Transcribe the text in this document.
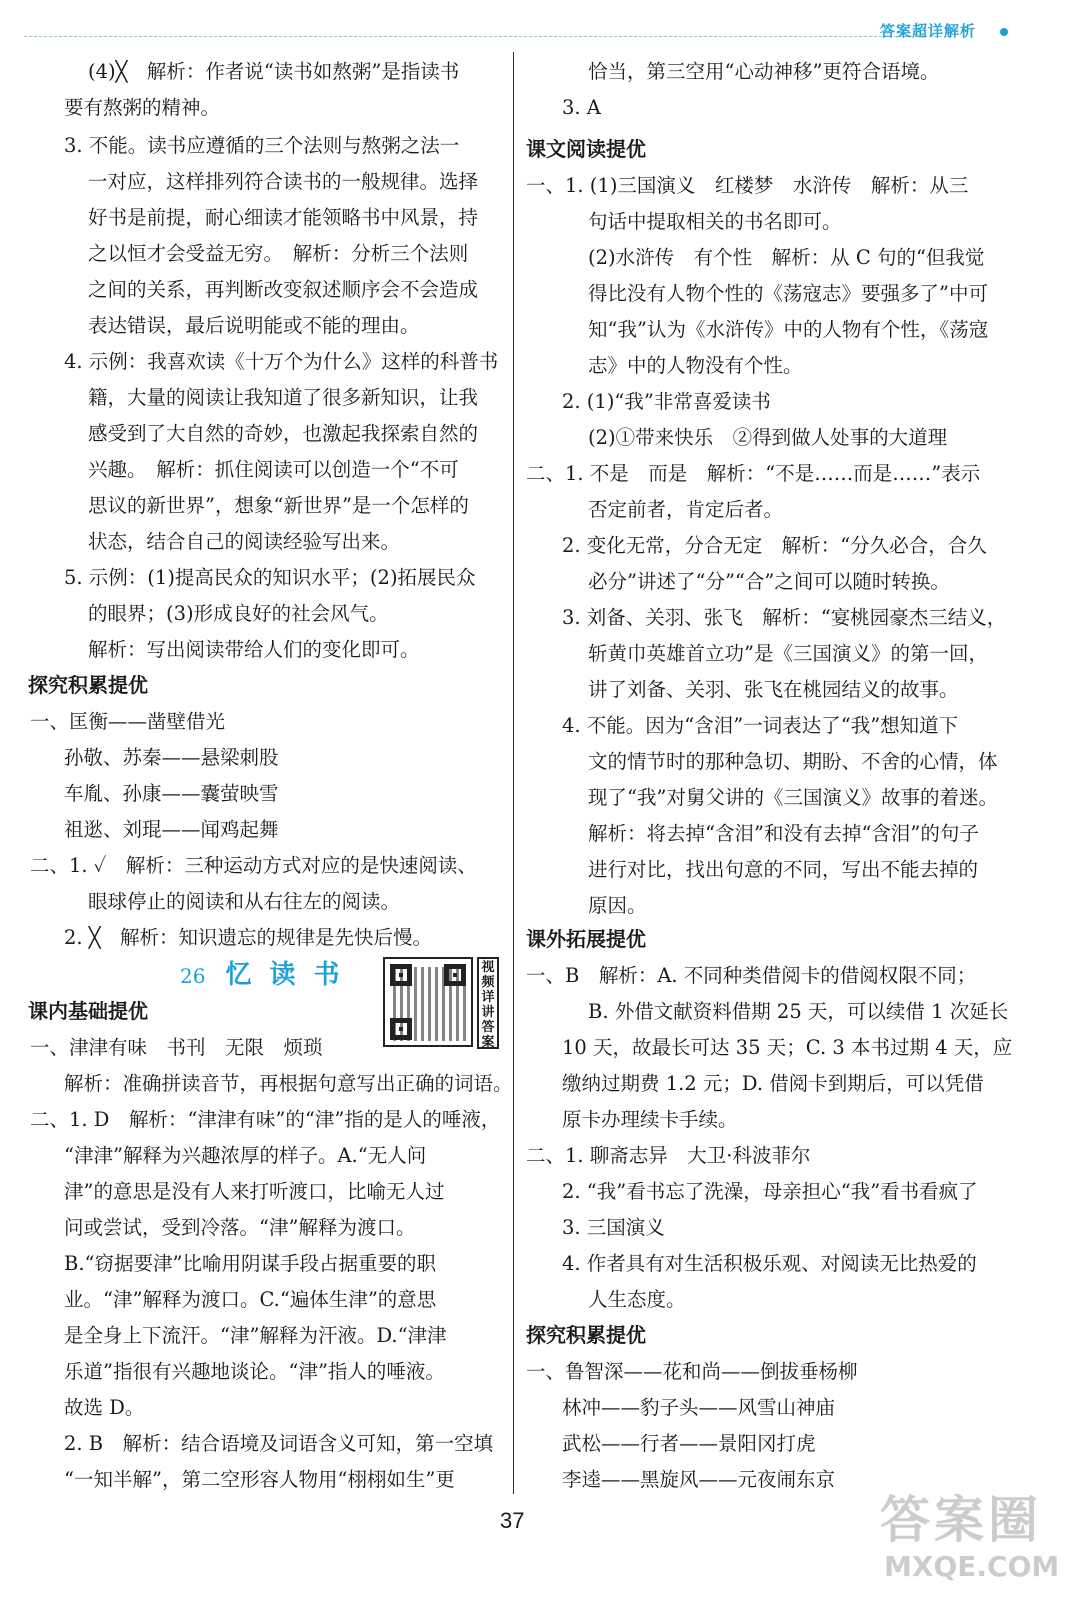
答案超详解析
(4)╳　解析：作者说“读书如熬粥”是指读书
要有熬粥的精神。
3. 不能。读书应遵循的三个法则与熬粥之法一
一对应，这样排列符合读书的一般规律。选择
好书是前提，耐心细读才能领略书中风景，持
之以恒才会受益无穷。　解析：分析三个法则
之间的关系，再判断改变叙述顺序会不会造成
表达错误，最后说明能或不能的理由。
4. 示例：我喜欢读《十万个为什么》这样的科普书
籍，大量的阅读让我知道了很多新知识，让我
感受到了大自然的奇妙，也激起我探索自然的
兴趣。　解析：抓住阅读可以创造一个“不可
思议的新世界”，想象“新世界”是一个怎样的
状态，结合自己的阅读经验写出来。
5. 示例：(1)提高民众的知识水平；(2)拓展民众
的眼界；(3)形成良好的社会风气。
解析：写出阅读带给人们的变化即可。
探究积累提优
一、匡衡——凿壁借光
孙敬、苏秦——悬梁刺股
车胤、孙康——囊萤映雪
祖逖、刘琨——闻鸡起舞
二、1. ✓　解析：三种运动方式对应的是快速阅读、
眼球停止的阅读和从右往左的阅读。
2. ╳　解析：知识遗忘的规律是先快后慢。
26 忆读书	视频详讲答案
课内基础提优
一、津津有味　书刊　无限　烦琐
解析：准确拼读音节，再根据句意写出正确的词语。
二、1. D　解析：“津津有味”的“津”指的是人的唾液，
“津津”解释为兴趣浓厚的样子。A.“无人问
津”的意思是没有人来打听渡口，比喻无人过
问或尝试，受到冷落。“津”解释为渡口。
B.“窃据要津”比喻用阴谋手段占据重要的职
业。“津”解释为渡口。C.“遍体生津”的意思
是全身上下流汗。“津”解释为汗液。D.“津津
乐道”指很有兴趣地谈论。“津”指人的唾液。
故选 D。
2. B　解析：结合语境及词语含义可知，第一空填
“一知半解”，第二空形容人物用“栩栩如生”更
恰当，第三空用“心动神移”更符合语境。
3. A
课文阅读提优
一、1. (1)三国演义　红楼梦　水浒传　解析：从三
句话中提取相关的书名即可。
(2)水浒传　有个性　解析：从 C 句的“但我觉
得比没有人物个性的《荡寇志》要强多了”中可
知“我”认为《水浒传》中的人物有个性，《荡寇
志》中的人物没有个性。
2. (1)“我”非常喜爱读书
(2)①带来快乐　②得到做人处事的大道理
二、1. 不是　而是　解析：“不是……而是……”表示
否定前者，肯定后者。
2. 变化无常，分合无定　解析：“分久必合，合久
必分”讲述了“分”“合”之间可以随时转换。
3. 刘备、关羽、张飞　解析：“宴桃园豪杰三结义，
斩黄巾英雄首立功”是《三国演义》的第一回，
讲了刘备、关羽、张飞在桃园结义的故事。
4. 不能。因为“含泪”一词表达了“我”想知道下
文的情节时的那种急切、期盼、不舍的心情，体
现了“我”对舅父讲的《三国演义》故事的着迷。
解析：将去掉“含泪”和没有去掉“含泪”的句子
进行对比，找出句意的不同，写出不能去掉的
原因。
课外拓展提优
一、B　解析：A. 不同种类借阅卡的借阅权限不同；
B. 外借文献资料借期 25 天，可以续借 1 次延长
10 天，故最长可达 35 天；C. 3 本书过期 4 天，应
缴纳过期费 1.2 元；D. 借阅卡到期后，可以凭借
原卡办理续卡手续。
二、1. 聊斋志异　大卫·科波菲尔
2. “我”看书忘了洗澡，母亲担心“我”看书看疯了
3. 三国演义
4. 作者具有对生活积极乐观、对阅读无比热爱的
人生态度。
探究积累提优
一、鲁智深——花和尚——倒拔垂杨柳
林冲——豹子头——风雪山神庙
武松——行者——景阳冈打虎
李逵——黑旋风——元夜闹东京
37	答案圈
MXQE.COM
